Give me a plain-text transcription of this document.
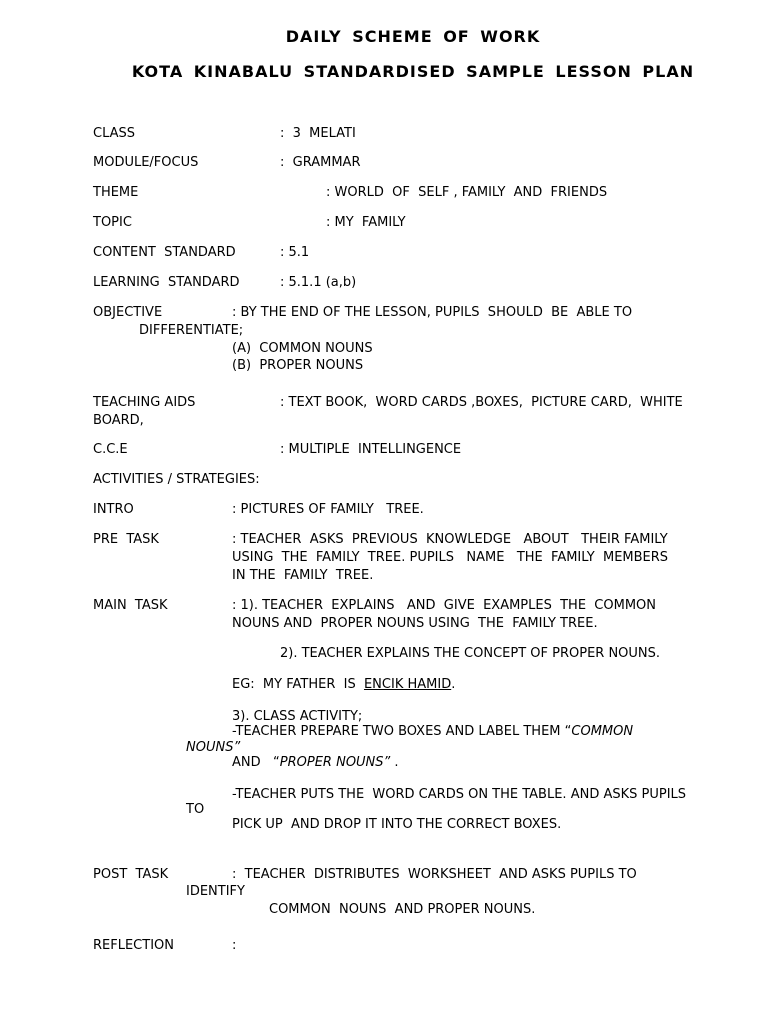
DAILY SCHEME OF WORK
KOTA KINABALU STANDARDISED SAMPLE LESSON PLAN
CLASS	:  3  MELATI
MODULE/FOCUS	:  GRAMMAR
THEME	: WORLD  OF  SELF , FAMILY  AND  FRIENDS
TOPIC	: MY  FAMILY
CONTENT  STANDARD	: 5.1
LEARNING  STANDARD	: 5.1.1 (a,b)
OBJECTIVE	: BY THE END OF THE LESSON, PUPILS  SHOULD  BE  ABLE TO
DIFFERENTIATE;
(A)  COMMON NOUNS
(B)  PROPER NOUNS
TEACHING AIDS	: TEXT BOOK,  WORD CARDS ,BOXES,  PICTURE CARD,  WHITE
BOARD,
C.C.E	: MULTIPLE  INTELLINGENCE
ACTIVITIES / STRATEGIES:
INTRO	: PICTURES OF FAMILY   TREE.
PRE  TASK	: TEACHER  ASKS  PREVIOUS  KNOWLEDGE   ABOUT   THEIR FAMILY
USING  THE  FAMILY  TREE. PUPILS   NAME   THE  FAMILY  MEMBERS
IN THE  FAMILY  TREE.
MAIN  TASK	: 1). TEACHER  EXPLAINS   AND  GIVE  EXAMPLES  THE  COMMON
NOUNS AND  PROPER NOUNS USING  THE  FAMILY TREE.
2). TEACHER EXPLAINS THE CONCEPT OF PROPER NOUNS.
EG:  MY FATHER  IS  ENCIK HAMID.
3). CLASS ACTIVITY;
-TEACHER PREPARE TWO BOXES AND LABEL THEM “COMMON
NOUNS”
AND   “PROPER NOUNS” .
-TEACHER PUTS THE  WORD CARDS ON THE TABLE. AND ASKS PUPILS
TO
PICK UP  AND DROP IT INTO THE CORRECT BOXES.
POST  TASK	:  TEACHER  DISTRIBUTES  WORKSHEET  AND ASKS PUPILS TO
IDENTIFY
COMMON  NOUNS  AND PROPER NOUNS.
REFLECTION	:
